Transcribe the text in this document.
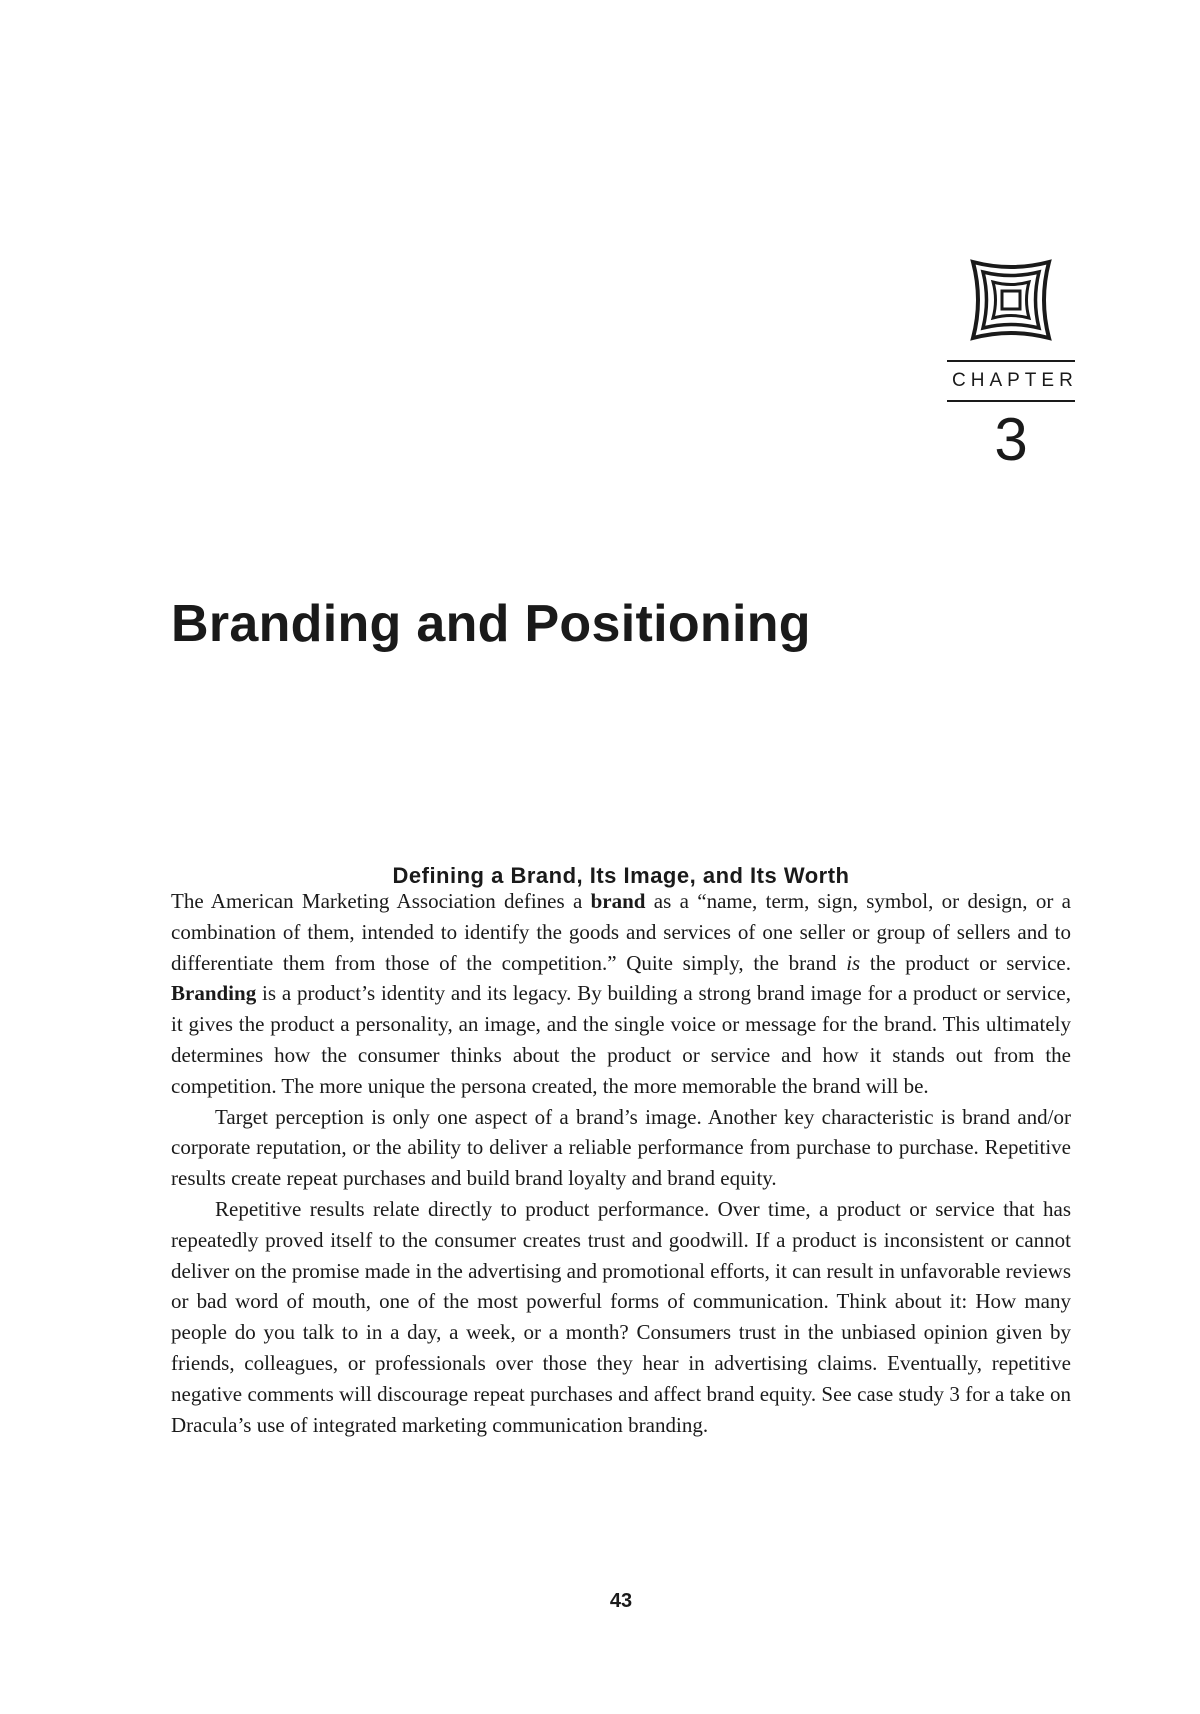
CHAPTER
3
Branding and Positioning
Defining a Brand, Its Image, and Its Worth

The American Marketing Association defines a brand as a “name, term, sign, symbol, or design, or a combination of them, intended to identify the goods and services of one seller or group of sellers and to differentiate them from those of the competition.” Quite simply, the brand is the product or service. Branding is a product’s identity and its legacy. By building a strong brand image for a product or service, it gives the product a personality, an image, and the single voice or message for the brand. This ultimately determines how the consumer thinks about the product or service and how it stands out from the competition. The more unique the persona created, the more memorable the brand will be.

Target perception is only one aspect of a brand’s image. Another key characteristic is brand and/or corporate reputation, or the ability to deliver a reliable performance from purchase to purchase. Repetitive results create repeat purchases and build brand loyalty and brand equity.

Repetitive results relate directly to product performance. Over time, a product or service that has repeatedly proved itself to the consumer creates trust and goodwill. If a product is inconsistent or cannot deliver on the promise made in the advertising and promotional efforts, it can result in unfavorable reviews or bad word of mouth, one of the most powerful forms of communication. Think about it: How many people do you talk to in a day, a week, or a month? Consumers trust in the unbiased opinion given by friends, colleagues, or professionals over those they hear in advertising claims. Eventually, repetitive negative comments will discourage repeat purchases and affect brand equity. See case study 3 for a take on Dracula’s use of integrated marketing communication branding.

43
